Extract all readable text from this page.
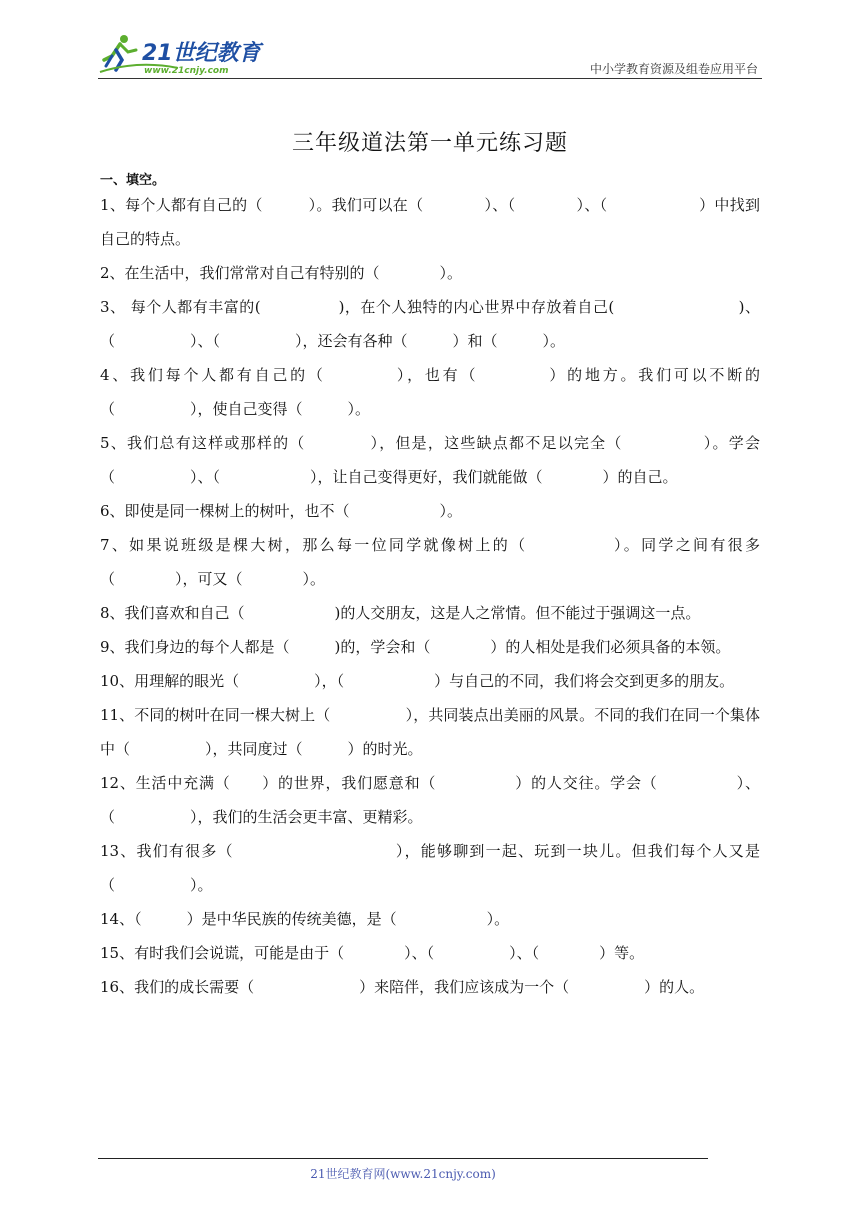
21世纪教育
www.21cnjy.com	中小学教育资源及组卷应用平台
三年级道法第一单元练习题
一、填空。

1、每个人都有自己的（　　　）。我们可以在（　　　　）、（　　　　）、（　　　　　　）中找到自己的特点。

2、在生活中，我们常常对自己有特别的（　　　　）。

3、 每个人都有丰富的(　　　　　)，在个人独特的内心世界中存放着自己(　　　　　　　　)、（　　　　　）、（　　　　　），还会有各种（　　　）和（　　　）。

4、我们每个人都有自己的（　　　　），也有（　　　　）的地方。我们可以不断的（　　　　　），使自己变得（　　　）。

5、我们总有这样或那样的（　　　　），但是，这些缺点都不足以完全（　　　　　）。学会（　　　　　）、（　　　　　　），让自己变得更好，我们就能做（　　　　）的自己。

6、即使是同一棵树上的树叶，也不（　　　　　　）。

7、如果说班级是棵大树，那么每一位同学就像树上的（　　　　　）。同学之间有很多（　　　　），可又（　　　　）。

8、我们喜欢和自己（　　　　　　)的人交朋友，这是人之常情。但不能过于强调这一点。

9、我们身边的每个人都是（　　　)的，学会和（　　　　）的人相处是我们必须具备的本领。

10、用理解的眼光（　　　　　），（　　　　　　）与自己的不同，我们将会交到更多的朋友。

11、不同的树叶在同一棵大树上（　　　　　），共同装点出美丽的风景。不同的我们在同一个集体中（　　　　　），共同度过（　　　）的时光。

12、生活中充满（　　）的世界，我们愿意和（　　　　　）的人交往。学会（　　　　　）、（　　　　　），我们的生活会更丰富、更精彩。

13、我们有很多（　　　　　　　　　　），能够聊到一起、玩到一块儿。但我们每个人又是（　　　　　）。

14、（　　　）是中华民族的传统美德，是（　　　　　　）。

15、有时我们会说谎，可能是由于（　　　　）、（　　　　　）、（　　　　）等。

16、我们的成长需要（　　　　　　　）来陪伴，我们应该成为一个（　　　　　）的人。

21世纪教育网(www.21cnjy.com)
